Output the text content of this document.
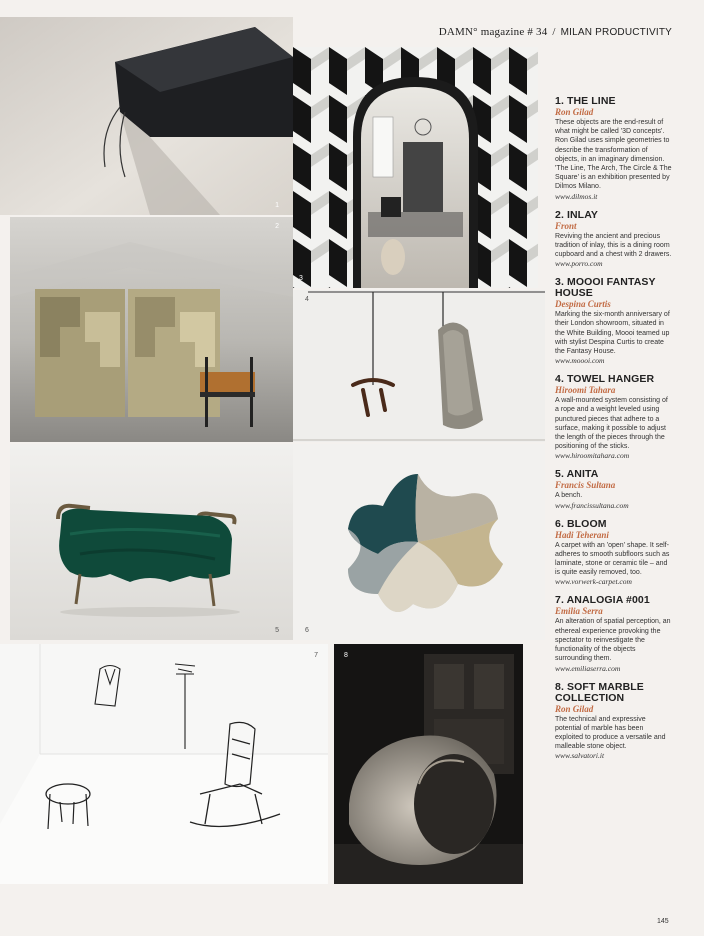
DAMN° magazine # 34 / MILAN PRODUCTIVITY
1
3
2
4
5	6
7	8
1. THE LINE
Ron Gilad
These objects are the end-result of what might be called '3D concepts'. Ron Gilad uses simple geometries to describe the transformation of objects, in an imaginary dimension. 'The Line, The Arch, The Circle & The Square' is an exhibition presented by Dilmos Milano.
www.dilmos.it
2. INLAY
Front
Reviving the ancient and precious tradition of inlay, this is a dining room cupboard and a chest with 2 drawers.
www.porro.com
3. MOOOI FANTASY HOUSE
Despina Curtis
Marking the six-month anniversary of their London showroom, situated in the White Building, Moooi teamed up with stylist Despina Curtis to create the Fantasy House.
www.moooi.com
4. TOWEL HANGER
Hiroomi Tahara
A wall-mounted system consisting of a rope and a weight leveled using punctured pieces that adhere to a surface, making it possible to adjust the length of the pieces through the positioning of the sticks.
www.hiroomitahara.com
5. ANITA
Francis Sultana
A bench.
www.francissultana.com
6. BLOOM
Hadi Teherani
A carpet with an 'open' shape. It self-adheres to smooth subfloors such as laminate, stone or ceramic tile – and is quite easily removed, too.
www.vorwerk-carpet.com
7. ANALOGIA #001
Emilia Serra
An alteration of spatial perception, an ethereal experience provoking the spectator to reinvestigate the functionality of the objects surrounding them.
www.emiliaserra.com
8. SOFT MARBLE COLLECTION
Ron Gilad
The technical and expressive potential of marble has been exploited to produce a versatile and malleable stone object.
www.salvatori.it
145
